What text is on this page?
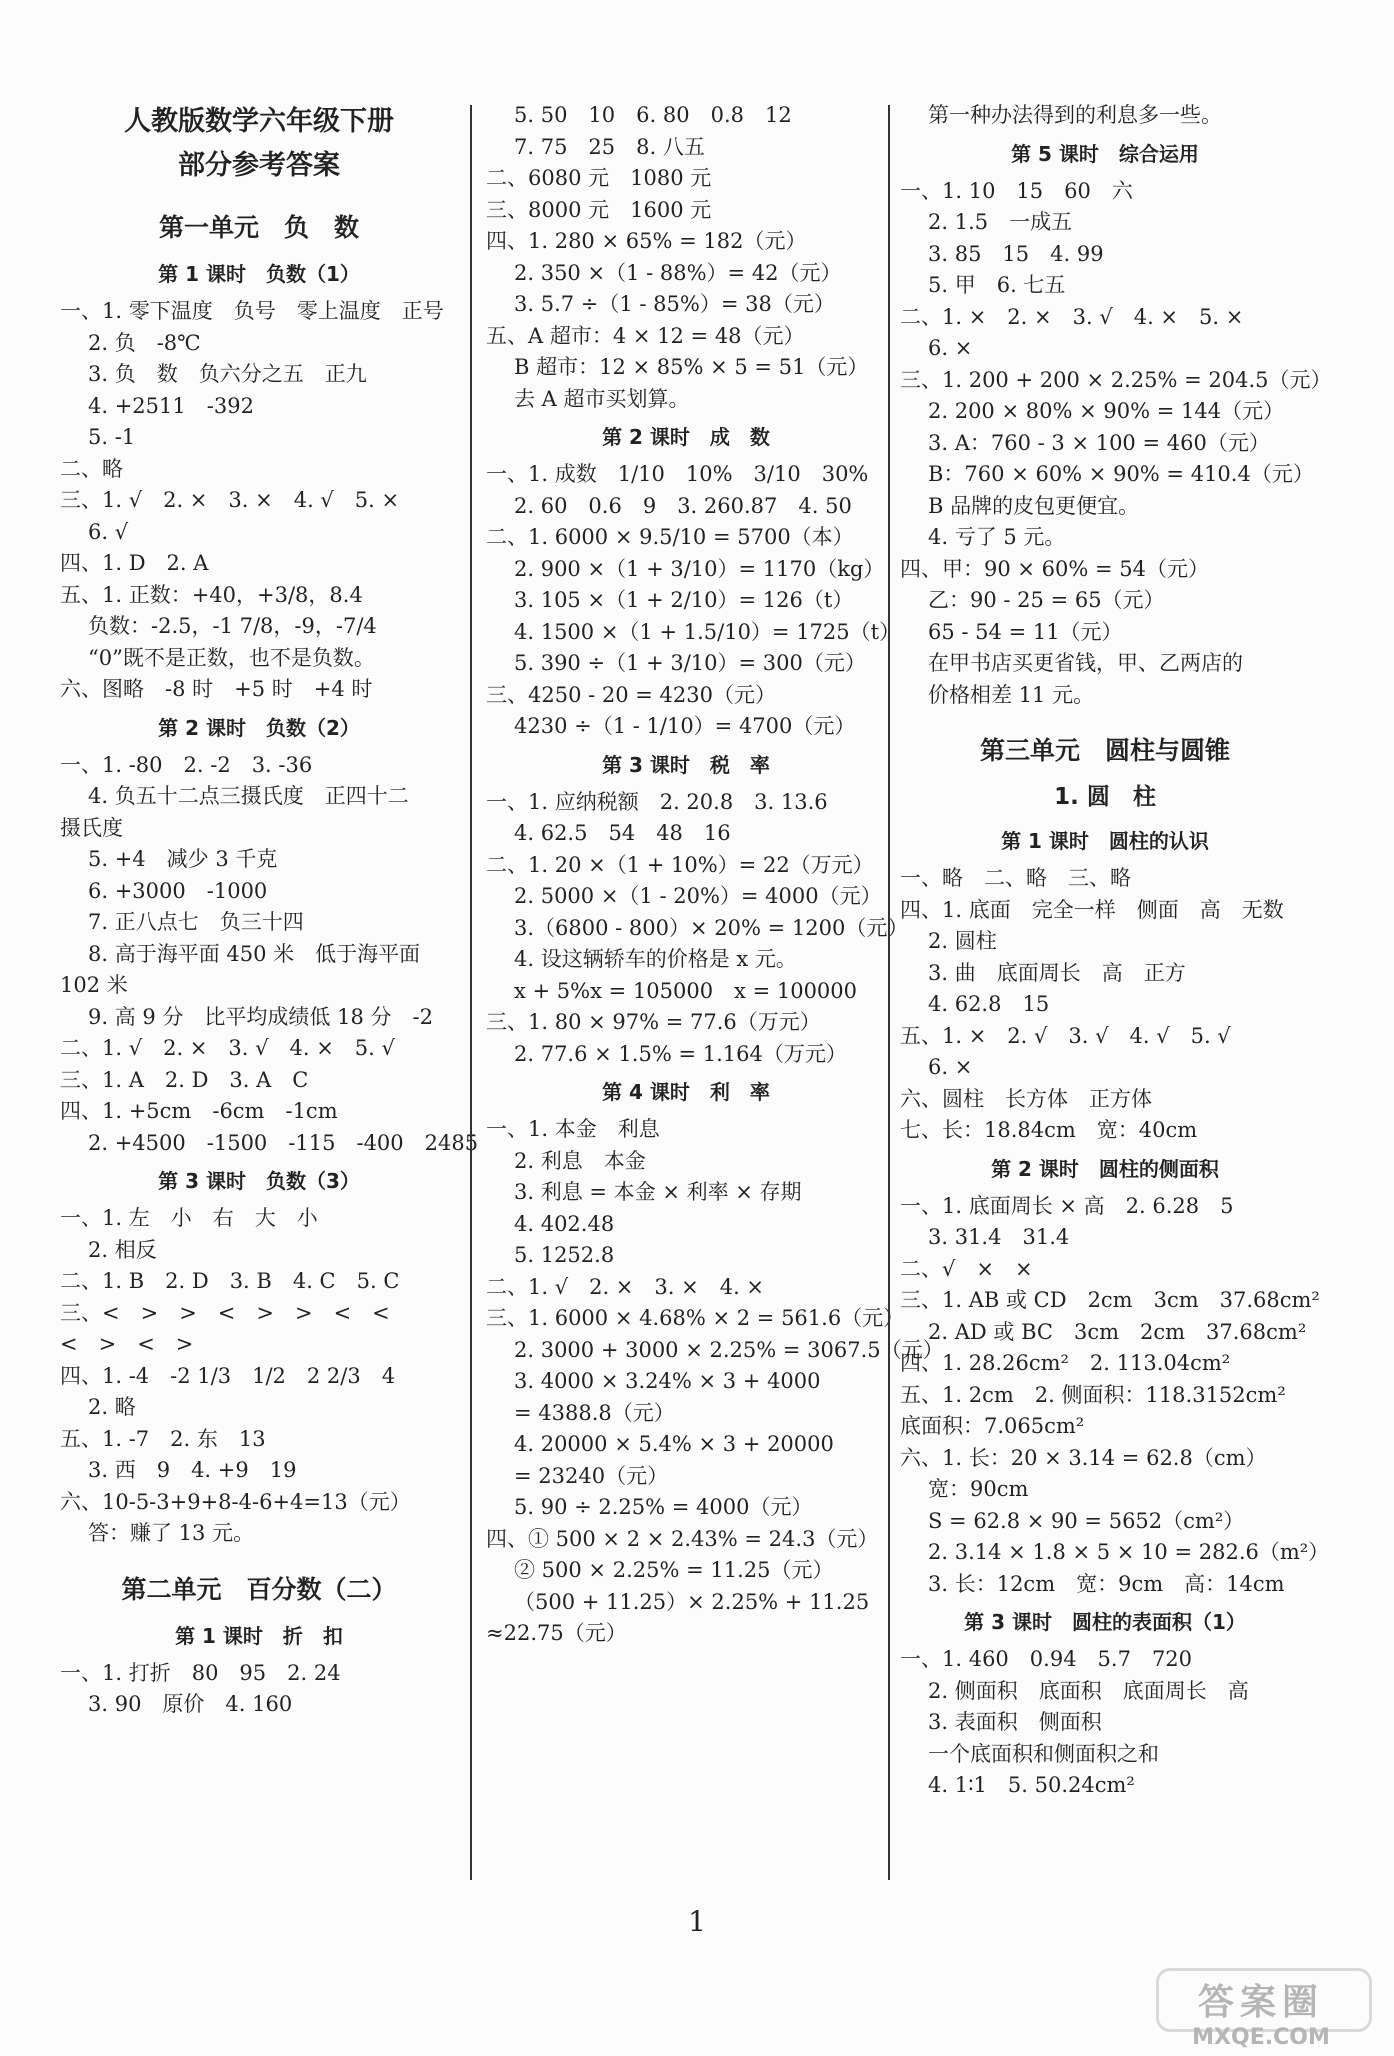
人教版数学六年级下册
部分参考答案
第一单元　负　数
第 1 课时　负数（1）
一、1. 零下温度　负号　零上温度　正号
2. 负　-8℃
3. 负　数　负六分之五　正九
4. +2511　-392
5. -1
二、略
三、1. √　2. ×　3. ×　4. √　5. ×
6. √
四、1. D　2. A
五、1. 正数：+40，+3/8，8.4
负数：-2.5，-1 7/8，-9，-7/4
“0”既不是正数，也不是负数。
六、图略　-8 时　+5 时　+4 时
第 2 课时　负数（2）
一、1. -80　2. -2　3. -36
4. 负五十二点三摄氏度　正四十二
摄氏度
5. +4　减少 3 千克
6. +3000　-1000
7. 正八点七　负三十四
8. 高于海平面 450 米　低于海平面
102 米
9. 高 9 分　比平均成绩低 18 分　-2
二、1. √　2. ×　3. √　4. ×　5. √
三、1. A　2. D　3. A　C
四、1. +5cm　-6cm　-1cm
2. +4500　-1500　-115　-400　2485
第 3 课时　负数（3）
一、1. 左　小　右　大　小
2. 相反
二、1. B　2. D　3. B　4. C　5. C
三、<　>　>　<　>　>　<　<
<　>　<　>
四、1. -4　-2 1/3　1/2　2 2/3　4
2. 略
五、1. -7　2. 东　13
3. 西　9　4. +9　19
六、10-5-3+9+8-4-6+4=13（元）
答：赚了 13 元。
第二单元　百分数（二）
第 1 课时　折　扣
一、1. 打折　80　95　2. 24
3. 90　原价　4. 160
5. 50　10　6. 80　0.8　12
7. 75　25　8. 八五
二、6080 元　1080 元
三、8000 元　1600 元
四、1. 280 × 65% = 182（元）
2. 350 ×（1 - 88%）= 42（元）
3. 5.7 ÷（1 - 85%）= 38（元）
五、A 超市：4 × 12 = 48（元）
B 超市：12 × 85% × 5 = 51（元）
去 A 超市买划算。
第 2 课时　成　数
一、1. 成数　1/10　10%　3/10　30%
2. 60　0.6　9　3. 260.87　4. 50
二、1. 6000 × 9.5/10 = 5700（本）
2. 900 ×（1 + 3/10）= 1170（kg）
3. 105 ×（1 + 2/10）= 126（t）
4. 1500 ×（1 + 1.5/10）= 1725（t）
5. 390 ÷（1 + 3/10）= 300（元）
三、4250 - 20 = 4230（元）
4230 ÷（1 - 1/10）= 4700（元）
第 3 课时　税　率
一、1. 应纳税额　2. 20.8　3. 13.6
4. 62.5　54　48　16
二、1. 20 ×（1 + 10%）= 22（万元）
2. 5000 ×（1 - 20%）= 4000（元）
3.（6800 - 800）× 20% = 1200（元）
4. 设这辆轿车的价格是 x 元。
x + 5%x = 105000　x = 100000
三、1. 80 × 97% = 77.6（万元）
2. 77.6 × 1.5% = 1.164（万元）
第 4 课时　利　率
一、1. 本金　利息
2. 利息　本金
3. 利息 = 本金 × 利率 × 存期
4. 402.48
5. 1252.8
二、1. √　2. ×　3. ×　4. ×
三、1. 6000 × 4.68% × 2 = 561.6（元）
2. 3000 + 3000 × 2.25% = 3067.5（元）
3. 4000 × 3.24% × 3 + 4000
= 4388.8（元）
4. 20000 × 5.4% × 3 + 20000
= 23240（元）
5. 90 ÷ 2.25% = 4000（元）
四、① 500 × 2 × 2.43% = 24.3（元）
② 500 × 2.25% = 11.25（元）
（500 + 11.25）× 2.25% + 11.25
≈22.75（元）
第一种办法得到的利息多一些。
第 5 课时　综合运用
一、1. 10　15　60　六
2. 1.5　一成五
3. 85　15　4. 99
5. 甲　6. 七五
二、1. ×　2. ×　3. √　4. ×　5. ×
6. ×
三、1. 200 + 200 × 2.25% = 204.5（元）
2. 200 × 80% × 90% = 144（元）
3. A：760 - 3 × 100 = 460（元）
B：760 × 60% × 90% = 410.4（元）
B 品牌的皮包更便宜。
4. 亏了 5 元。
四、甲：90 × 60% = 54（元）
乙：90 - 25 = 65（元）
65 - 54 = 11（元）
在甲书店买更省钱，甲、乙两店的
价格相差 11 元。
第三单元　圆柱与圆锥
1. 圆　柱
第 1 课时　圆柱的认识
一、略　二、略　三、略
四、1. 底面　完全一样　侧面　高　无数
2. 圆柱
3. 曲　底面周长　高　正方
4. 62.8　15
五、1. ×　2. √　3. √　4. √　5. √
6. ×
六、圆柱　长方体　正方体
七、长：18.84cm　宽：40cm
第 2 课时　圆柱的侧面积
一、1. 底面周长 × 高　2. 6.28　5
3. 31.4　31.4
二、√　×　×
三、1. AB 或 CD　2cm　3cm　37.68cm²
2. AD 或 BC　3cm　2cm　37.68cm²
四、1. 28.26cm²　2. 113.04cm²
五、1. 2cm　2. 侧面积：118.3152cm²
底面积：7.065cm²
六、1. 长：20 × 3.14 = 62.8（cm）
宽：90cm
S = 62.8 × 90 = 5652（cm²）
2. 3.14 × 1.8 × 5 × 10 = 282.6（m²）
3. 长：12cm　宽：9cm　高：14cm
第 3 课时　圆柱的表面积（1）
一、1. 460　0.94　5.7　720
2. 侧面积　底面积　底面周长　高
3. 表面积　侧面积
一个底面积和侧面积之和
4. 1∶1　5. 50.24cm²
1
答案圈
MXQE.COM
